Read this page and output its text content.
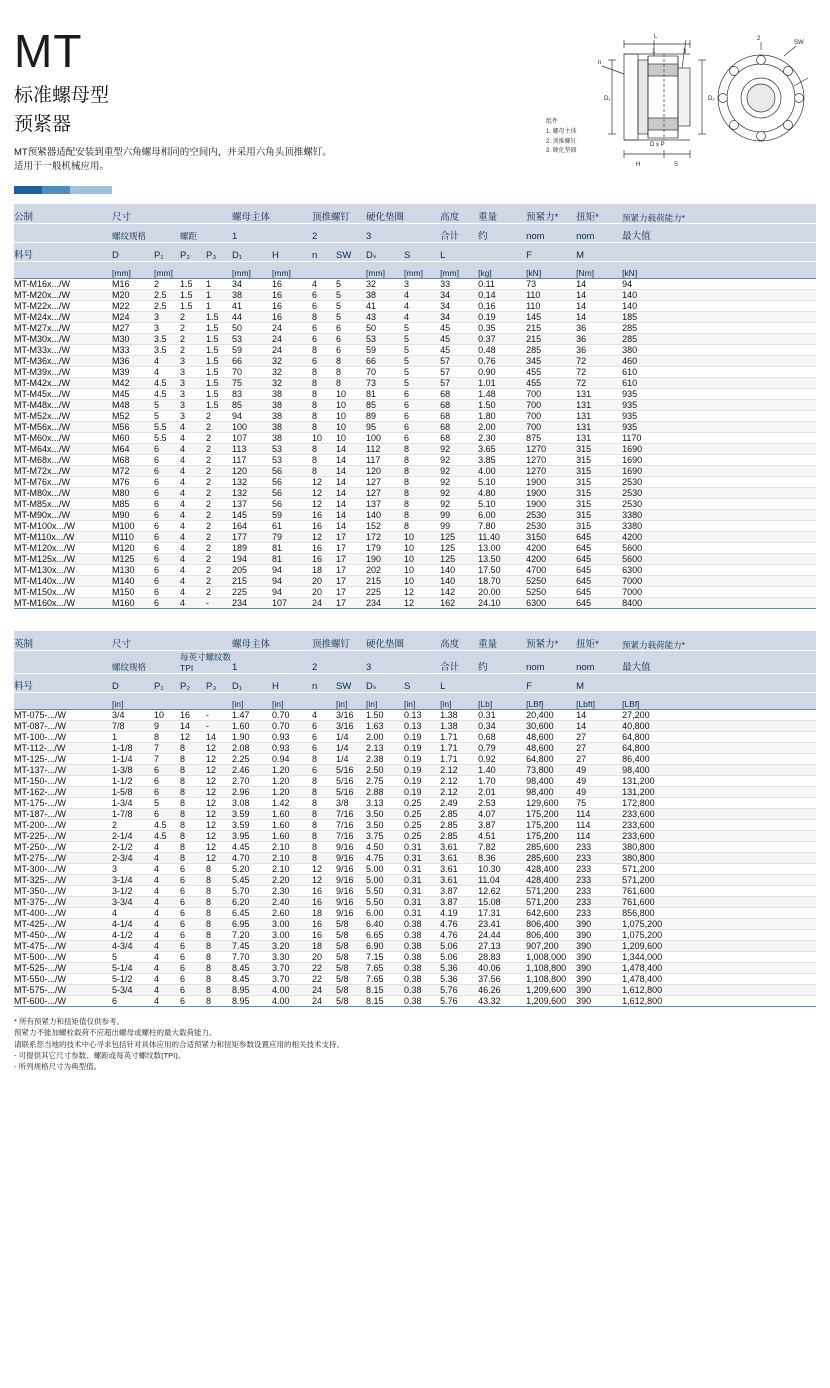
MT
标准螺母型
预紧器

MT预紧器适配安装到重型六角螺母相同的空间内，并采用六角头顶推螺钉。

适用于一般机械应用。

L
n
1	3
2
SW
D₁	D₂
H	S
D x P
组件
1. 螺母主体
2. 顶推螺钉
3. 硬化垫圈
公制	尺寸				螺母主体		顶推螺钉		硬化垫圈		高度	重量	预紧力*	扭矩*	预紧力载荷能力*
	螺纹规格		螺距		1		2		3		合计	约	nom	nom	最大值
料号	D	P₁	P₂	P₃	D₁	H	n	SW	Dₛ	S	L		F	M	
	[mm]	[mm]			[mm]	[mm]			[mm]	[mm]	[mm]	[kg]	[kN]	[Nm]	[kN]
MT-M16x.../W	M16	2	1.5	1	34	16	4	5	32	3	33	0.11	73	14	94
MT-M20x.../W	M20	2.5	1.5	1	38	16	6	5	38	4	34	0.14	110	14	140
MT-M22x.../W	M22	2.5	1.5	1	41	16	6	5	41	4	34	0.16	110	14	140
MT-M24x.../W	M24	3	2	1.5	44	16	8	5	43	4	34	0.19	145	14	185
MT-M27x.../W	M27	3	2	1.5	50	24	6	6	50	5	45	0.35	215	36	285
MT-M30x.../W	M30	3.5	2	1.5	53	24	6	6	53	5	45	0.37	215	36	285
MT-M33x.../W	M33	3.5	2	1.5	59	24	8	6	59	5	45	0.48	285	36	380
MT-M36x.../W	M36	4	3	1.5	66	32	6	8	66	5	57	0.76	345	72	460
MT-M39x.../W	M39	4	3	1.5	70	32	8	8	70	5	57	0.90	455	72	610
MT-M42x.../W	M42	4.5	3	1.5	75	32	8	8	73	5	57	1.01	455	72	610
MT-M45x.../W	M45	4.5	3	1.5	83	38	8	10	81	6	68	1.48	700	131	935
MT-M48x.../W	M48	5	3	1.5	85	38	8	10	85	6	68	1.50	700	131	935
MT-M52x.../W	M52	5	3	2	94	38	8	10	89	6	68	1.80	700	131	935
MT-M56x.../W	M56	5.5	4	2	100	38	8	10	95	6	68	2.00	700	131	935
MT-M60x.../W	M60	5.5	4	2	107	38	10	10	100	6	68	2.30	875	131	1170
MT-M64x.../W	M64	6	4	2	113	53	8	14	112	8	92	3.65	1270	315	1690
MT-M68x.../W	M68	6	4	2	117	53	8	14	117	8	92	3.85	1270	315	1690
MT-M72x.../W	M72	6	4	2	120	56	8	14	120	8	92	4.00	1270	315	1690
MT-M76x.../W	M76	6	4	2	132	56	12	14	127	8	92	5.10	1900	315	2530
MT-M80x.../W	M80	6	4	2	132	56	12	14	127	8	92	4.80	1900	315	2530
MT-M85x.../W	M85	6	4	2	137	56	12	14	137	8	92	5.10	1900	315	2530
MT-M90x.../W	M90	6	4	2	145	59	16	14	140	8	99	6.00	2530	315	3380
MT-M100x.../W	M100	6	4	2	164	61	16	14	152	8	99	7.80	2530	315	3380
MT-M110x.../W	M110	6	4	2	177	79	12	17	172	10	125	11.40	3150	645	4200
MT-M120x.../W	M120	6	4	2	189	81	16	17	179	10	125	13.00	4200	645	5600
MT-M125x.../W	M125	6	4	2	194	81	16	17	190	10	125	13.50	4200	645	5600
MT-M130x.../W	M130	6	4	2	205	94	18	17	202	10	140	17.50	4700	645	6300
MT-M140x.../W	M140	6	4	2	215	94	20	17	215	10	140	18.70	5250	645	7000
MT-M150x.../W	M150	6	4	2	225	94	20	17	225	12	142	20.00	5250	645	7000
MT-M160x.../W	M160	6	4	-	234	107	24	17	234	12	162	24.10	6300	645	8400
英制	尺寸				螺母主体		顶推螺钉		硬化垫圈		高度	重量	预紧力*	扭矩*	预紧力载荷能力*
	螺纹规格		每英寸螺纹数TPI		1		2		3		合计	约	nom	nom	最大值
料号	D	P₁	P₂	P₃	D₁	H	n	SW	Dₛ	S	L		F	M	
	[in]				[in]	[in]		[in]	[in]	[in]	[in]	[Lb]	[LBf]	[Lbft]	[LBf]
MT-075-.../W	3/4	10	16	-	1.47	0.70	4	3/16	1.50	0.13	1.38	0.31	20,400	14	27,200
MT-087-.../W	7/8	9	14	-	1.60	0.70	6	3/16	1.63	0.13	1.38	0.34	30,600	14	40,800
MT-100-.../W	1	8	12	14	1.90	0.93	6	1/4	2.00	0.19	1.71	0.68	48,600	27	64,800
MT-112-.../W	1-1/8	7	8	12	2.08	0.93	6	1/4	2.13	0.19	1.71	0.79	48,600	27	64,800
MT-125-.../W	1-1/4	7	8	12	2.25	0.94	8	1/4	2.38	0.19	1.71	0.92	64,800	27	86,400
MT-137-.../W	1-3/8	6	8	12	2.46	1.20	6	5/16	2.50	0.19	2.12	1.40	73,800	49	98,400
MT-150-.../W	1-1/2	6	8	12	2.70	1.20	8	5/16	2.75	0.19	2.12	1.70	98,400	49	131,200
MT-162-.../W	1-5/8	6	8	12	2.96	1.20	8	5/16	2.88	0.19	2.12	2.01	98,400	49	131,200
MT-175-.../W	1-3/4	5	8	12	3.08	1.42	8	3/8	3.13	0.25	2.49	2.53	129,600	75	172,800
MT-187-.../W	1-7/8	6	8	12	3.59	1.60	8	7/16	3.50	0.25	2.85	4.07	175,200	114	233,600
MT-200-.../W	2	4.5	8	12	3.59	1.60	8	7/16	3.50	0.25	2.85	3.87	175,200	114	233,600
MT-225-.../W	2-1/4	4.5	8	12	3.95	1.60	8	7/16	3.75	0.25	2.85	4.51	175,200	114	233,600
MT-250-.../W	2-1/2	4	8	12	4.45	2.10	8	9/16	4.50	0.31	3.61	7.82	285,600	233	380,800
MT-275-.../W	2-3/4	4	8	12	4.70	2.10	8	9/16	4.75	0.31	3.61	8.36	285,600	233	380,800
MT-300-.../W	3	4	6	8	5.20	2.10	12	9/16	5.00	0.31	3.61	10.30	428,400	233	571,200
MT-325-.../W	3-1/4	4	6	8	5.45	2.20	12	9/16	5.00	0.31	3.61	11.04	428,400	233	571,200
MT-350-.../W	3-1/2	4	6	8	5.70	2.30	16	9/16	5.50	0.31	3.87	12.62	571,200	233	761,600
MT-375-.../W	3-3/4	4	6	8	6.20	2.40	16	9/16	5.50	0.31	3.87	15.08	571,200	233	761,600
MT-400-.../W	4	4	6	8	6.45	2.60	18	9/16	6.00	0.31	4.19	17.31	642,600	233	856,800
MT-425-.../W	4-1/4	4	6	8	6.95	3.00	16	5/8	6.40	0.38	4.76	23.41	806,400	390	1,075,200
MT-450-.../W	4-1/2	4	6	8	7.20	3.00	16	5/8	6.65	0.38	4.76	24.44	806,400	390	1,075,200
MT-475-.../W	4-3/4	4	6	8	7.45	3.20	18	5/8	6.90	0.38	5.06	27.13	907,200	390	1,209,600
MT-500-.../W	5	4	6	8	7.70	3.30	20	5/8	7.15	0.38	5.06	28.83	1,008,000	390	1,344,000
MT-525-.../W	5-1/4	4	6	8	8.45	3.70	22	5/8	7.65	0.38	5.36	40.06	1,108,800	390	1,478,400
MT-550-.../W	5-1/2	4	6	8	8.45	3.70	22	5/8	7.65	0.38	5.36	37.56	1,108,800	390	1,478,400
MT-575-.../W	5-3/4	4	6	8	8.95	4.00	24	5/8	8.15	0.38	5.76	46.26	1,209,600	390	1,612,800
MT-600-.../W	6	4	6	8	8.95	4.00	24	5/8	8.15	0.38	5.76	43.32	1,209,600	390	1,612,800

* 所有预紧力和扭矩值仅供参考。

预紧力不能加螺栓载荷不应超出螺母或螺柱的最大载荷能力。

请联系您当地的技术中心寻求包括针对具体应用的合适预紧力和扭矩参数设置应用的相关技术支持。

- 可提供其它尺寸参数、螺距或每英寸螺纹数(TPI)。

- 所列规格尺寸为典型值。
